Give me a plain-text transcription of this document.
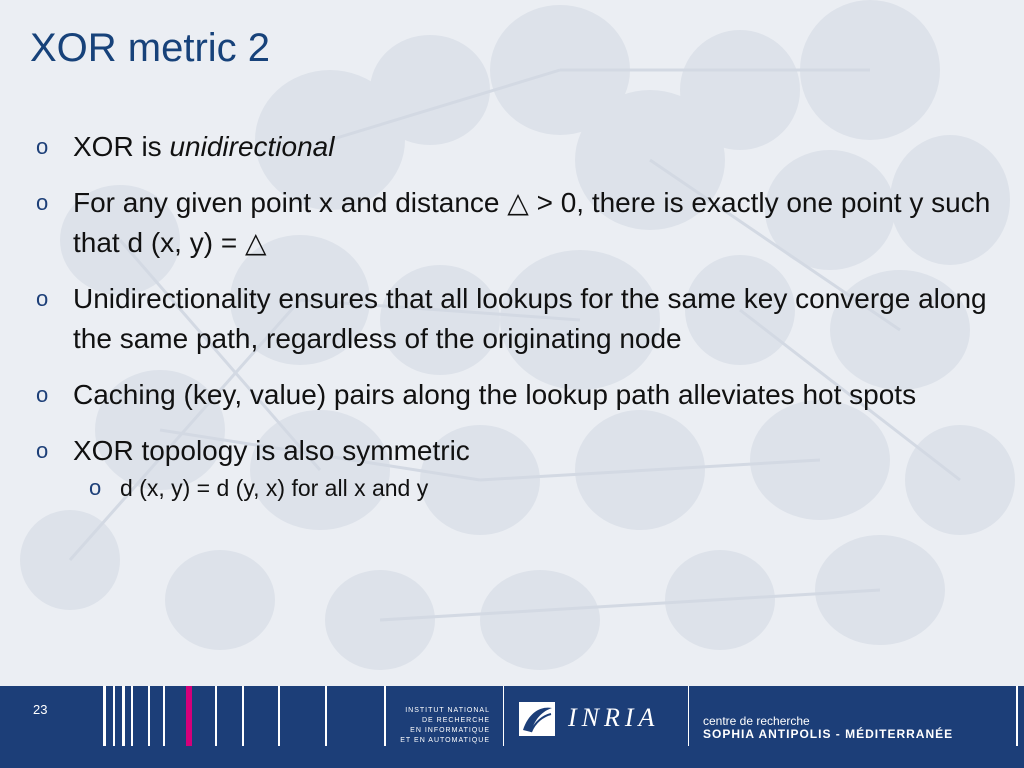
XOR metric 2
o XOR is unidirectional
o For any given point x and distance △ > 0, there is exactly one point y such that d (x, y) = △
o Unidirectionality ensures that all lookups for the same key converge along the same path, regardless of the originating node
o Caching (key, value) pairs along the lookup path alleviates hot spots
o XOR topology is also symmetric
o d (x, y) = d (y, x) for all x and y
23	INSTITUT NATIONAL
DE RECHERCHE
EN INFORMATIQUE
ET EN AUTOMATIQUE
INRIA	centre de recherche
SOPHIA ANTIPOLIS - MÉDITERRANÉE
